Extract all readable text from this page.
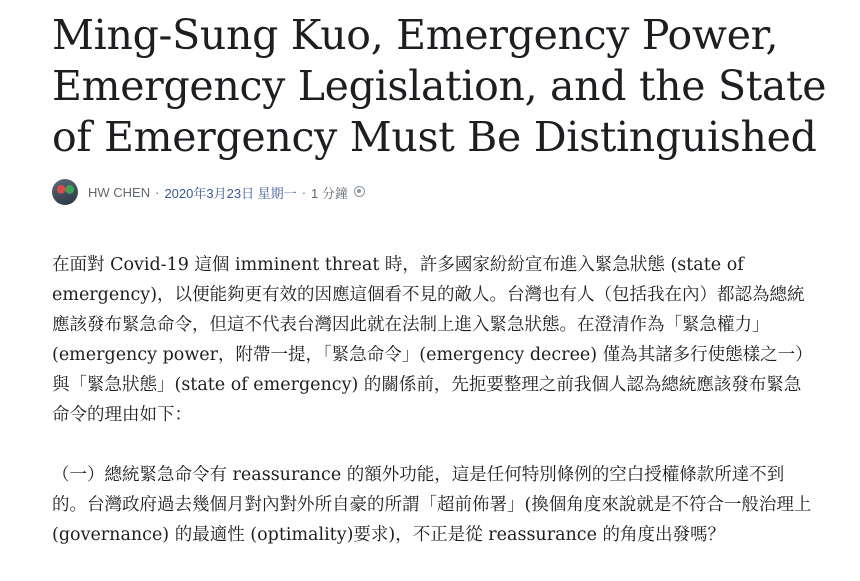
Ming-Sung Kuo, Emergency Power, Emergency Legislation, and the State of Emergency Must Be Distinguished
HW CHEN · 2020年3月23日 星期一 · 1 分鐘

在面對 Covid-19 這個 imminent threat 時，許多國家紛紛宣布進入緊急狀態 (state of emergency)，以便能夠更有效的因應這個看不見的敵人。台灣也有人（包括我在內）都認為總統應該發布緊急命令，但這不代表台灣因此就在法制上進入緊急狀態。在澄清作為「緊急權力」(emergency power，附帶一提，「緊急命令」(emergency decree) 僅為其諸多行使態樣之一）與「緊急狀態」(state of emergency) 的關係前，先扼要整理之前我個人認為總統應該發布緊急命令的理由如下：

（一）總統緊急命令有 reassurance 的額外功能，這是任何特別條例的空白授權條款所達不到的。台灣政府過去幾個月對內對外所自豪的所謂「超前佈署」(換個角度來說就是不符合一般治理上 (governance) 的最適性 (optimality)要求)，不正是從 reassurance 的角度出發嗎？
